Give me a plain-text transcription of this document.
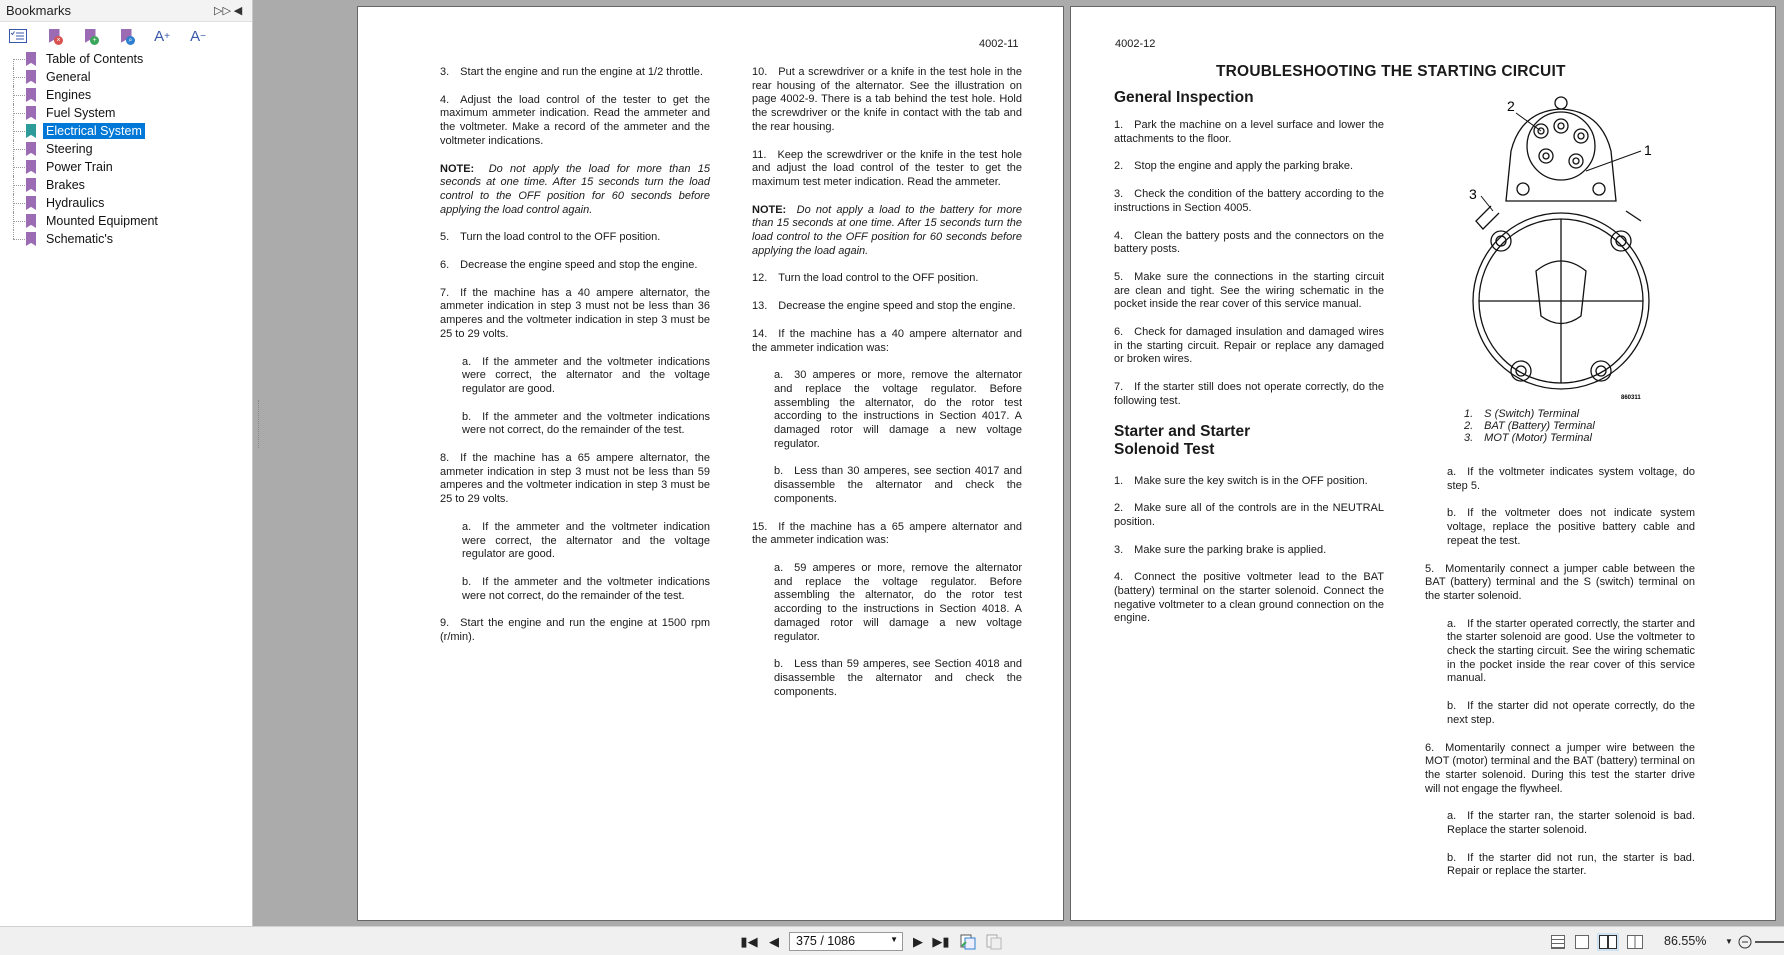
Bookmarks	▷▷ ◀
×	+	⌕ A + A −
Table of Contents
General
Engines
Fuel System
Electrical System
Steering
Power Train
Brakes
Hydraulics
Mounted Equipment
Schematic's
4002-11

3. Start the engine and run the engine at 1/2 throttle.

4. Adjust the load control of the tester to get the maximum ammeter indication. Read the ammeter and the voltmeter. Make a record of the ammeter and the voltmeter indications.

NOTE: Do not apply the load for more than 15 seconds at one time. After 15 seconds turn the load control to the OFF position for 60 seconds before applying the load control again.

5. Turn the load control to the OFF position.

6. Decrease the engine speed and stop the engine.

7. If the machine has a 40 ampere alternator, the ammeter indication in step 3 must not be less than 36 amperes and the voltmeter indication in step 3 must be 25 to 29 volts.

a. If the ammeter and the voltmeter indications were correct, the alternator and the voltage regulator are good.

b. If the ammeter and the voltmeter indications were not correct, do the remainder of the test.

8. If the machine has a 65 ampere alternator, the ammeter indication in step 3 must not be less than 59 amperes and the voltmeter indication in step 3 must be 25 to 29 volts.

a. If the ammeter and the voltmeter indication were correct, the alternator and the voltage regulator are good.

b. If the ammeter and the voltmeter indications were not correct, do the remainder of the test.

9. Start the engine and run the engine at 1500 rpm (r/min).

10. Put a screwdriver or a knife in the test hole in the rear housing of the alternator. See the illustration on page 4002-9. There is a tab behind the test hole. Hold the screwdriver or the knife in contact with the tab and the rear housing.

11. Keep the screwdriver or the knife in the test hole and adjust the load control of the tester to get the maximum test meter indication. Read the ammeter.

NOTE: Do not apply a load to the battery for more than 15 seconds at one time. After 15 seconds turn the load control to the OFF position for 60 seconds before applying the load again.

12. Turn the load control to the OFF position.

13. Decrease the engine speed and stop the engine.

14. If the machine has a 40 ampere alternator and the ammeter indication was:

a. 30 amperes or more, remove the alternator and replace the voltage regulator. Before assembling the alternator, do the rotor test according to the instructions in Section 4017. A damaged rotor will damage a new voltage regulator.

b. Less than 30 amperes, see section 4017 and disassemble the alternator and check the components.

15. If the machine has a 65 ampere alternator and the ammeter indication was:

a. 59 amperes or more, remove the alternator and replace the voltage regulator. Before assembling the alternator, do the rotor test according to the instructions in Section 4018. A damaged rotor will damage a new voltage regulator.

b. Less than 59 amperes, see Section 4018 and disassemble the alternator and check the components.

4002-12
TROUBLESHOOTING THE STARTING CIRCUIT
General Inspection

1. Park the machine on a level surface and lower the attachments to the floor.

2. Stop the engine and apply the parking brake.

3. Check the condition of the battery according to the instructions in Section 4005.

4. Clean the battery posts and the connectors on the battery posts.

5. Make sure the connections in the starting circuit are clean and tight. See the wiring schematic in the pocket inside the rear cover of this service manual.

6. Check for damaged insulation and damaged wires in the starting circuit. Repair or replace any damaged or broken wires.

7. If the starter still does not operate correctly, do the following test.

Starter and Starter
Solenoid Test

1. Make sure the key switch is in the OFF position.

2. Make sure all of the controls are in the NEUTRAL position.

3. Make sure the parking brake is applied.

4. Connect the positive voltmeter lead to the BAT (battery) terminal on the starter solenoid. Connect the negative voltmeter to a clean ground connection on the engine.

2
1
3
860311
1. S (Switch) Terminal
2. BAT (Battery) Terminal
3. MOT (Motor) Terminal

a. If the voltmeter indicates system voltage, do step 5.

b. If the voltmeter does not indicate system voltage, replace the positive battery cable and repeat the test.

5. Momentarily connect a jumper cable between the BAT (battery) terminal and the S (switch) terminal on the starter solenoid.

a. If the starter operated correctly, the starter and the starter solenoid are good. Use the voltmeter to check the starting circuit. See the wiring schematic in the pocket inside the rear cover of this service manual.

b. If the starter did not operate correctly, do the next step.

6. Momentarily connect a jumper wire between the MOT (motor) terminal and the BAT (battery) terminal on the starter solenoid. During this test the starter drive will not engage the flywheel.

a. If the starter ran, the starter solenoid is bad. Replace the starter solenoid.

b. If the starter did not run, the starter is bad. Repair or replace the starter.

▮◀ ◀	375 / 1086	▼ ▶ ▶▮	86.55% ▼
